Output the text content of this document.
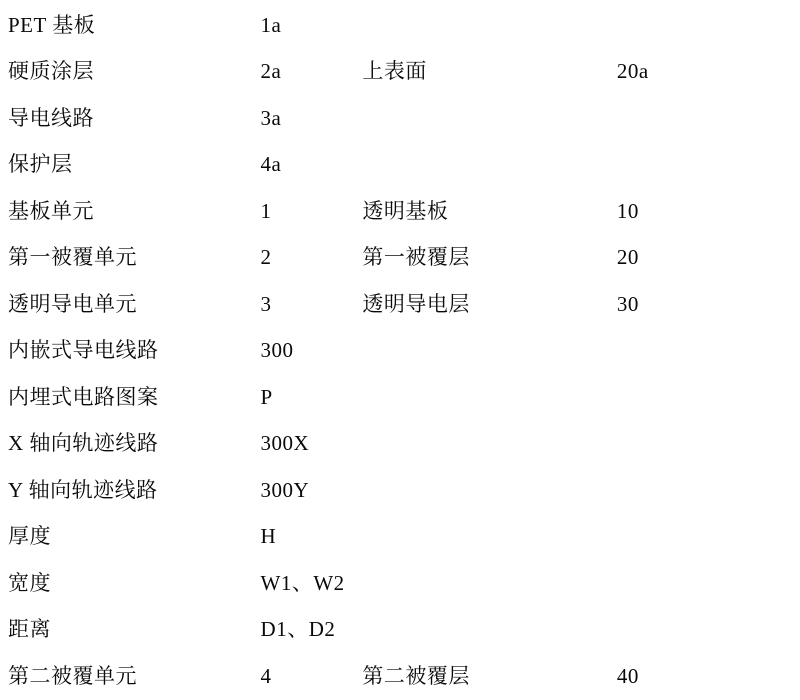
PET 基板	1a		
硬质涂层	2a	上表面	20a
导电线路	3a		
保护层	4a		
基板单元	1	透明基板	10
第一被覆单元	2	第一被覆层	20
透明导电单元	3	透明导电层	30
内嵌式导电线路	300		
内埋式电路图案	P		
X 轴向轨迹线路	300X		
Y 轴向轨迹线路	300Y		
厚度	H		
宽度	W1、W2		
距离	D1、D2		
第二被覆单元	4	第二被覆层	40
